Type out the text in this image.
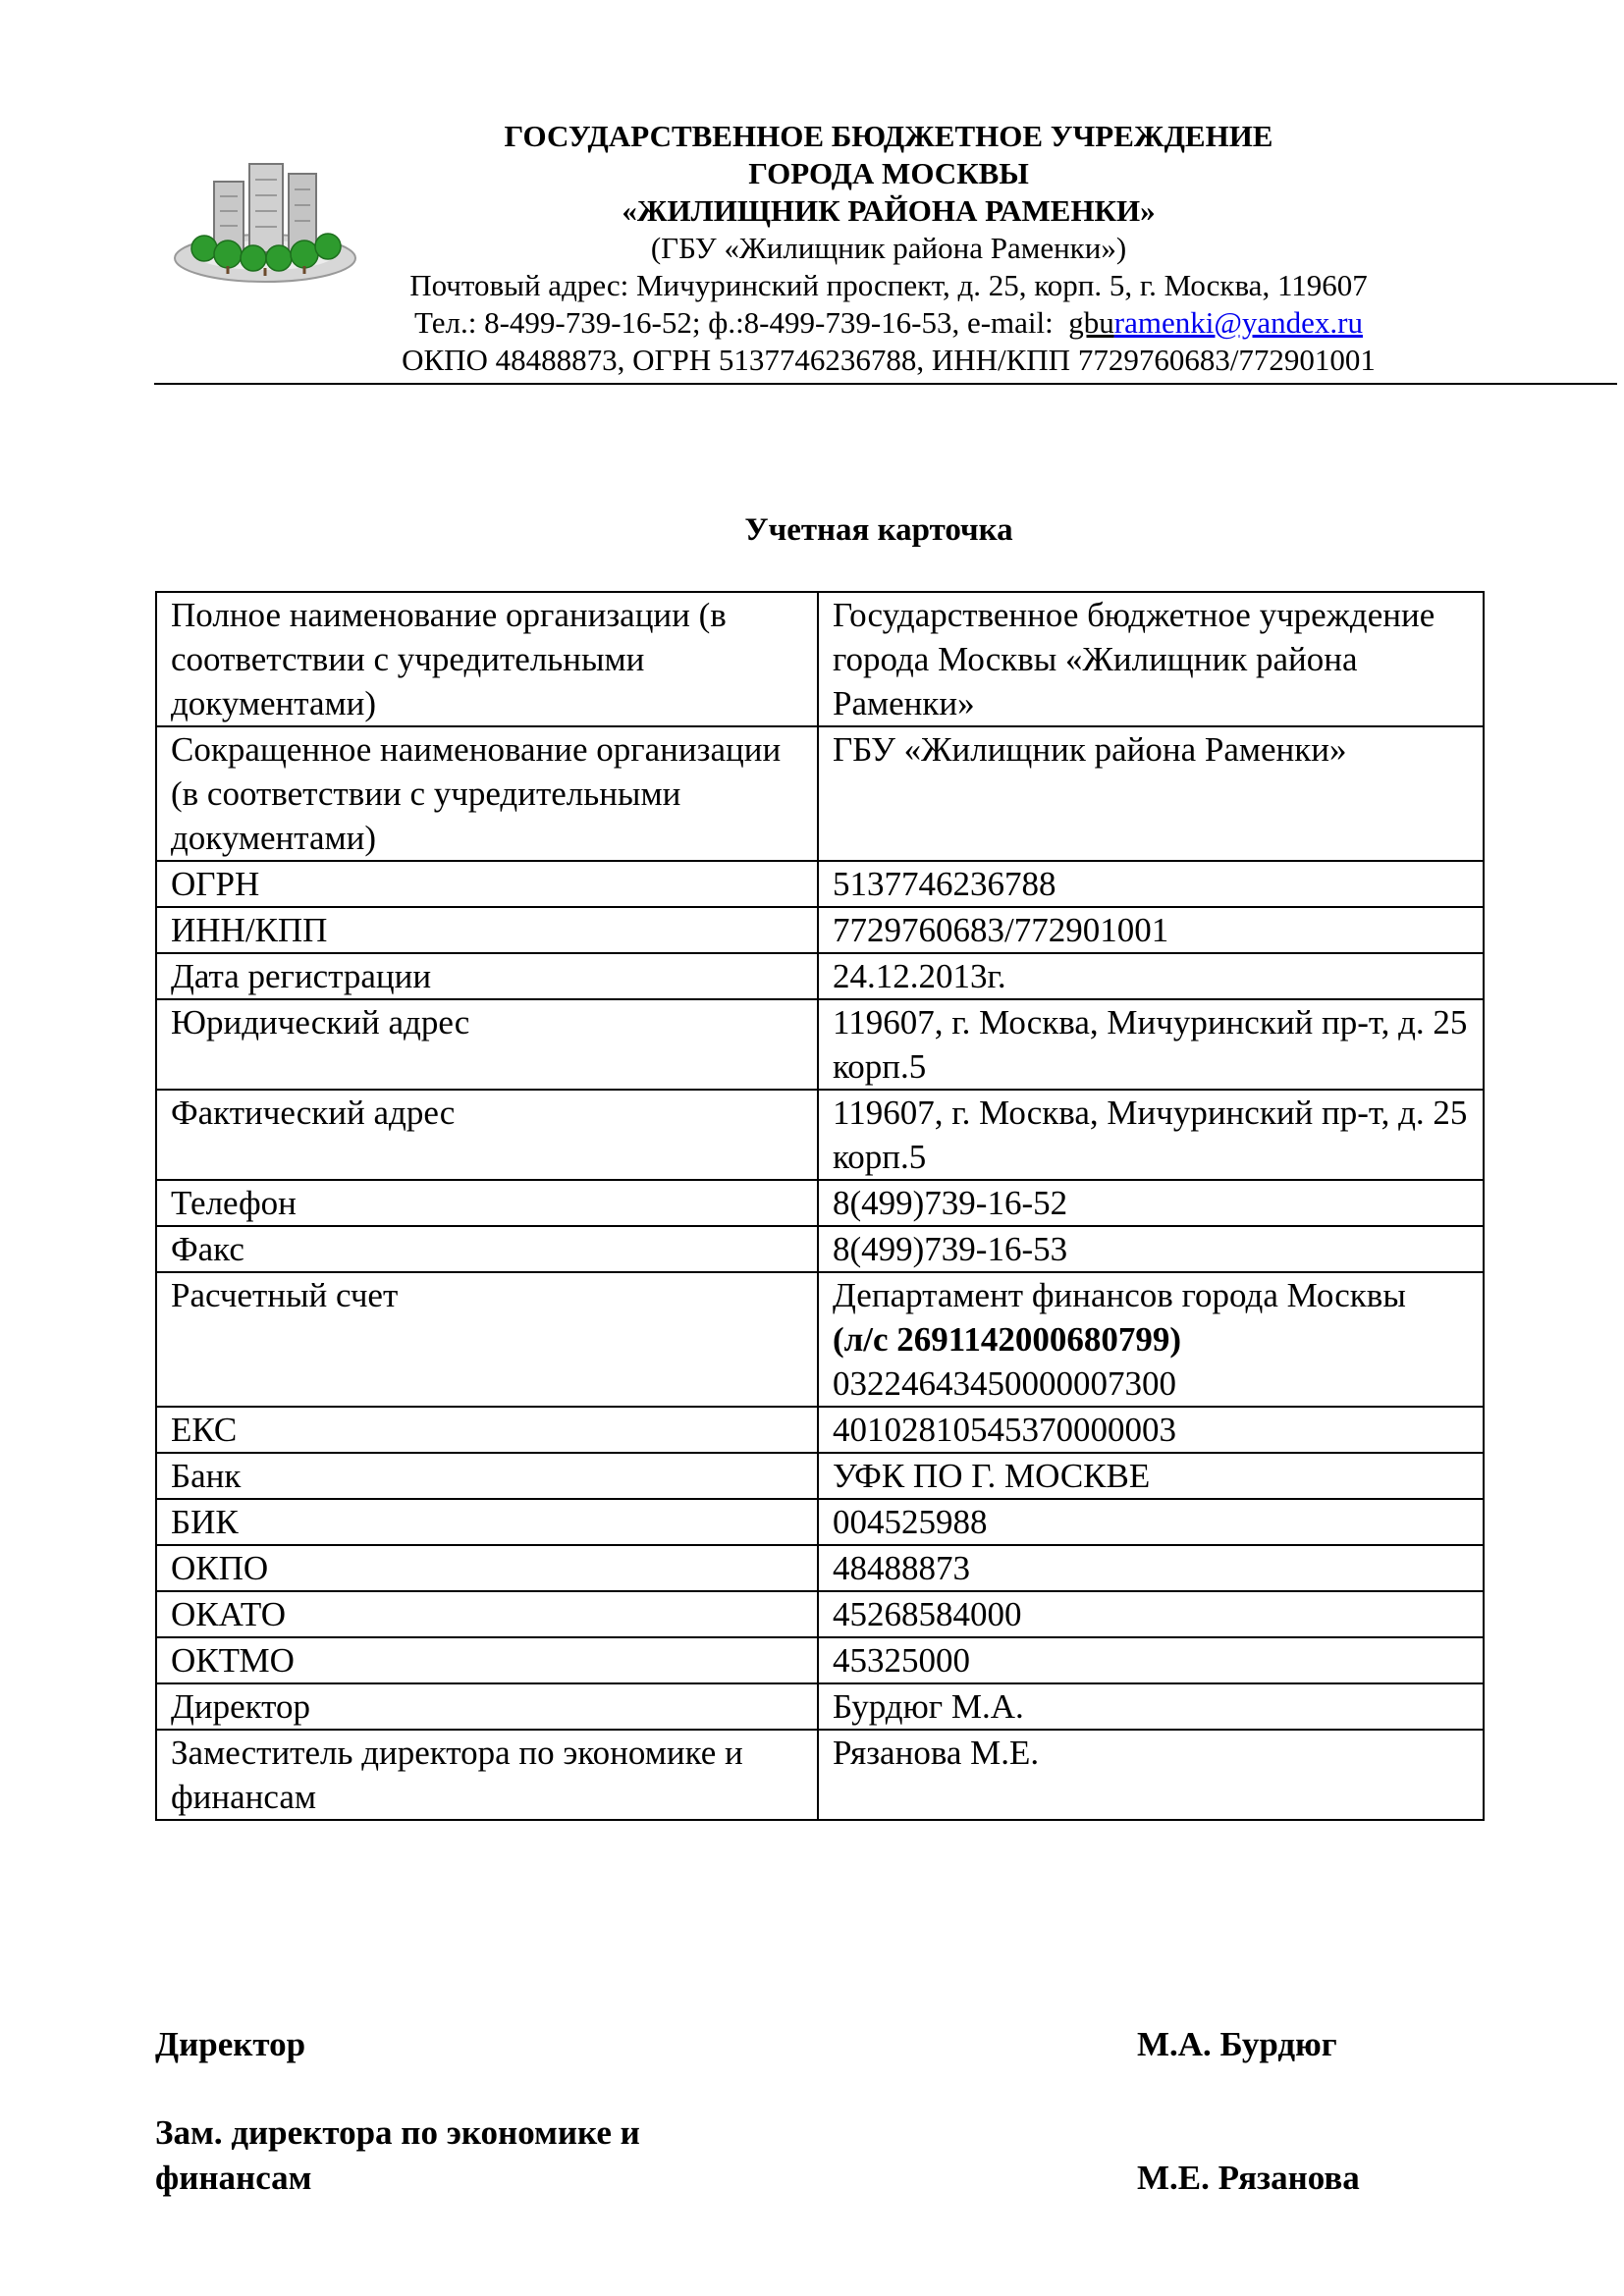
ГОСУДАРСТВЕННОЕ БЮДЖЕТНОЕ УЧРЕЖДЕНИЕ
ГОРОДА МОСКВЫ
«ЖИЛИЩНИК РАЙОНА РАМЕНКИ»
(ГБУ «Жилищник района Раменки»)
Почтовый адрес: Мичуринский проспект, д. 25, корп. 5, г. Москва, 119607
Тел.: 8-499-739-16-52; ф.:8-499-739-16-53, e-mail: gburamenki@yandex.ru
ОКПО 48488873, ОГРН 5137746236788, ИНН/КПП 7729760683/772901001
Учетная карточка
Полное наименование организации (в соответствии с учредительными документами)	Государственное бюджетное учреждение города Москвы «Жилищник района Раменки»
Сокращенное наименование организации (в соответствии с учредительными документами)	ГБУ «Жилищник района Раменки»
ОГРН	5137746236788
ИНН/КПП	7729760683/772901001
Дата регистрации	24.12.2013г.
Юридический адрес	119607, г. Москва, Мичуринский пр-т, д. 25 корп.5
Фактический адрес	119607, г. Москва, Мичуринский пр-т, д. 25 корп.5
Телефон	8(499)739-16-52
Факс	8(499)739-16-53
Расчетный счет	Департамент финансов города Москвы
(л/с 2691142000680799)
03224643450000007300

ЕКС	40102810545370000003
Банк	УФК ПО Г. МОСКВЕ
БИК	004525988
ОКПО	48488873
ОКАТО	45268584000
ОКТМО	45325000
Директор	Бурдюг М.А.
Заместитель директора по экономике и финансам	Рязанова М.Е.
Директор	М.А. Бурдюг
Зам. директора по экономике и
финансам	М.Е. Рязанова
